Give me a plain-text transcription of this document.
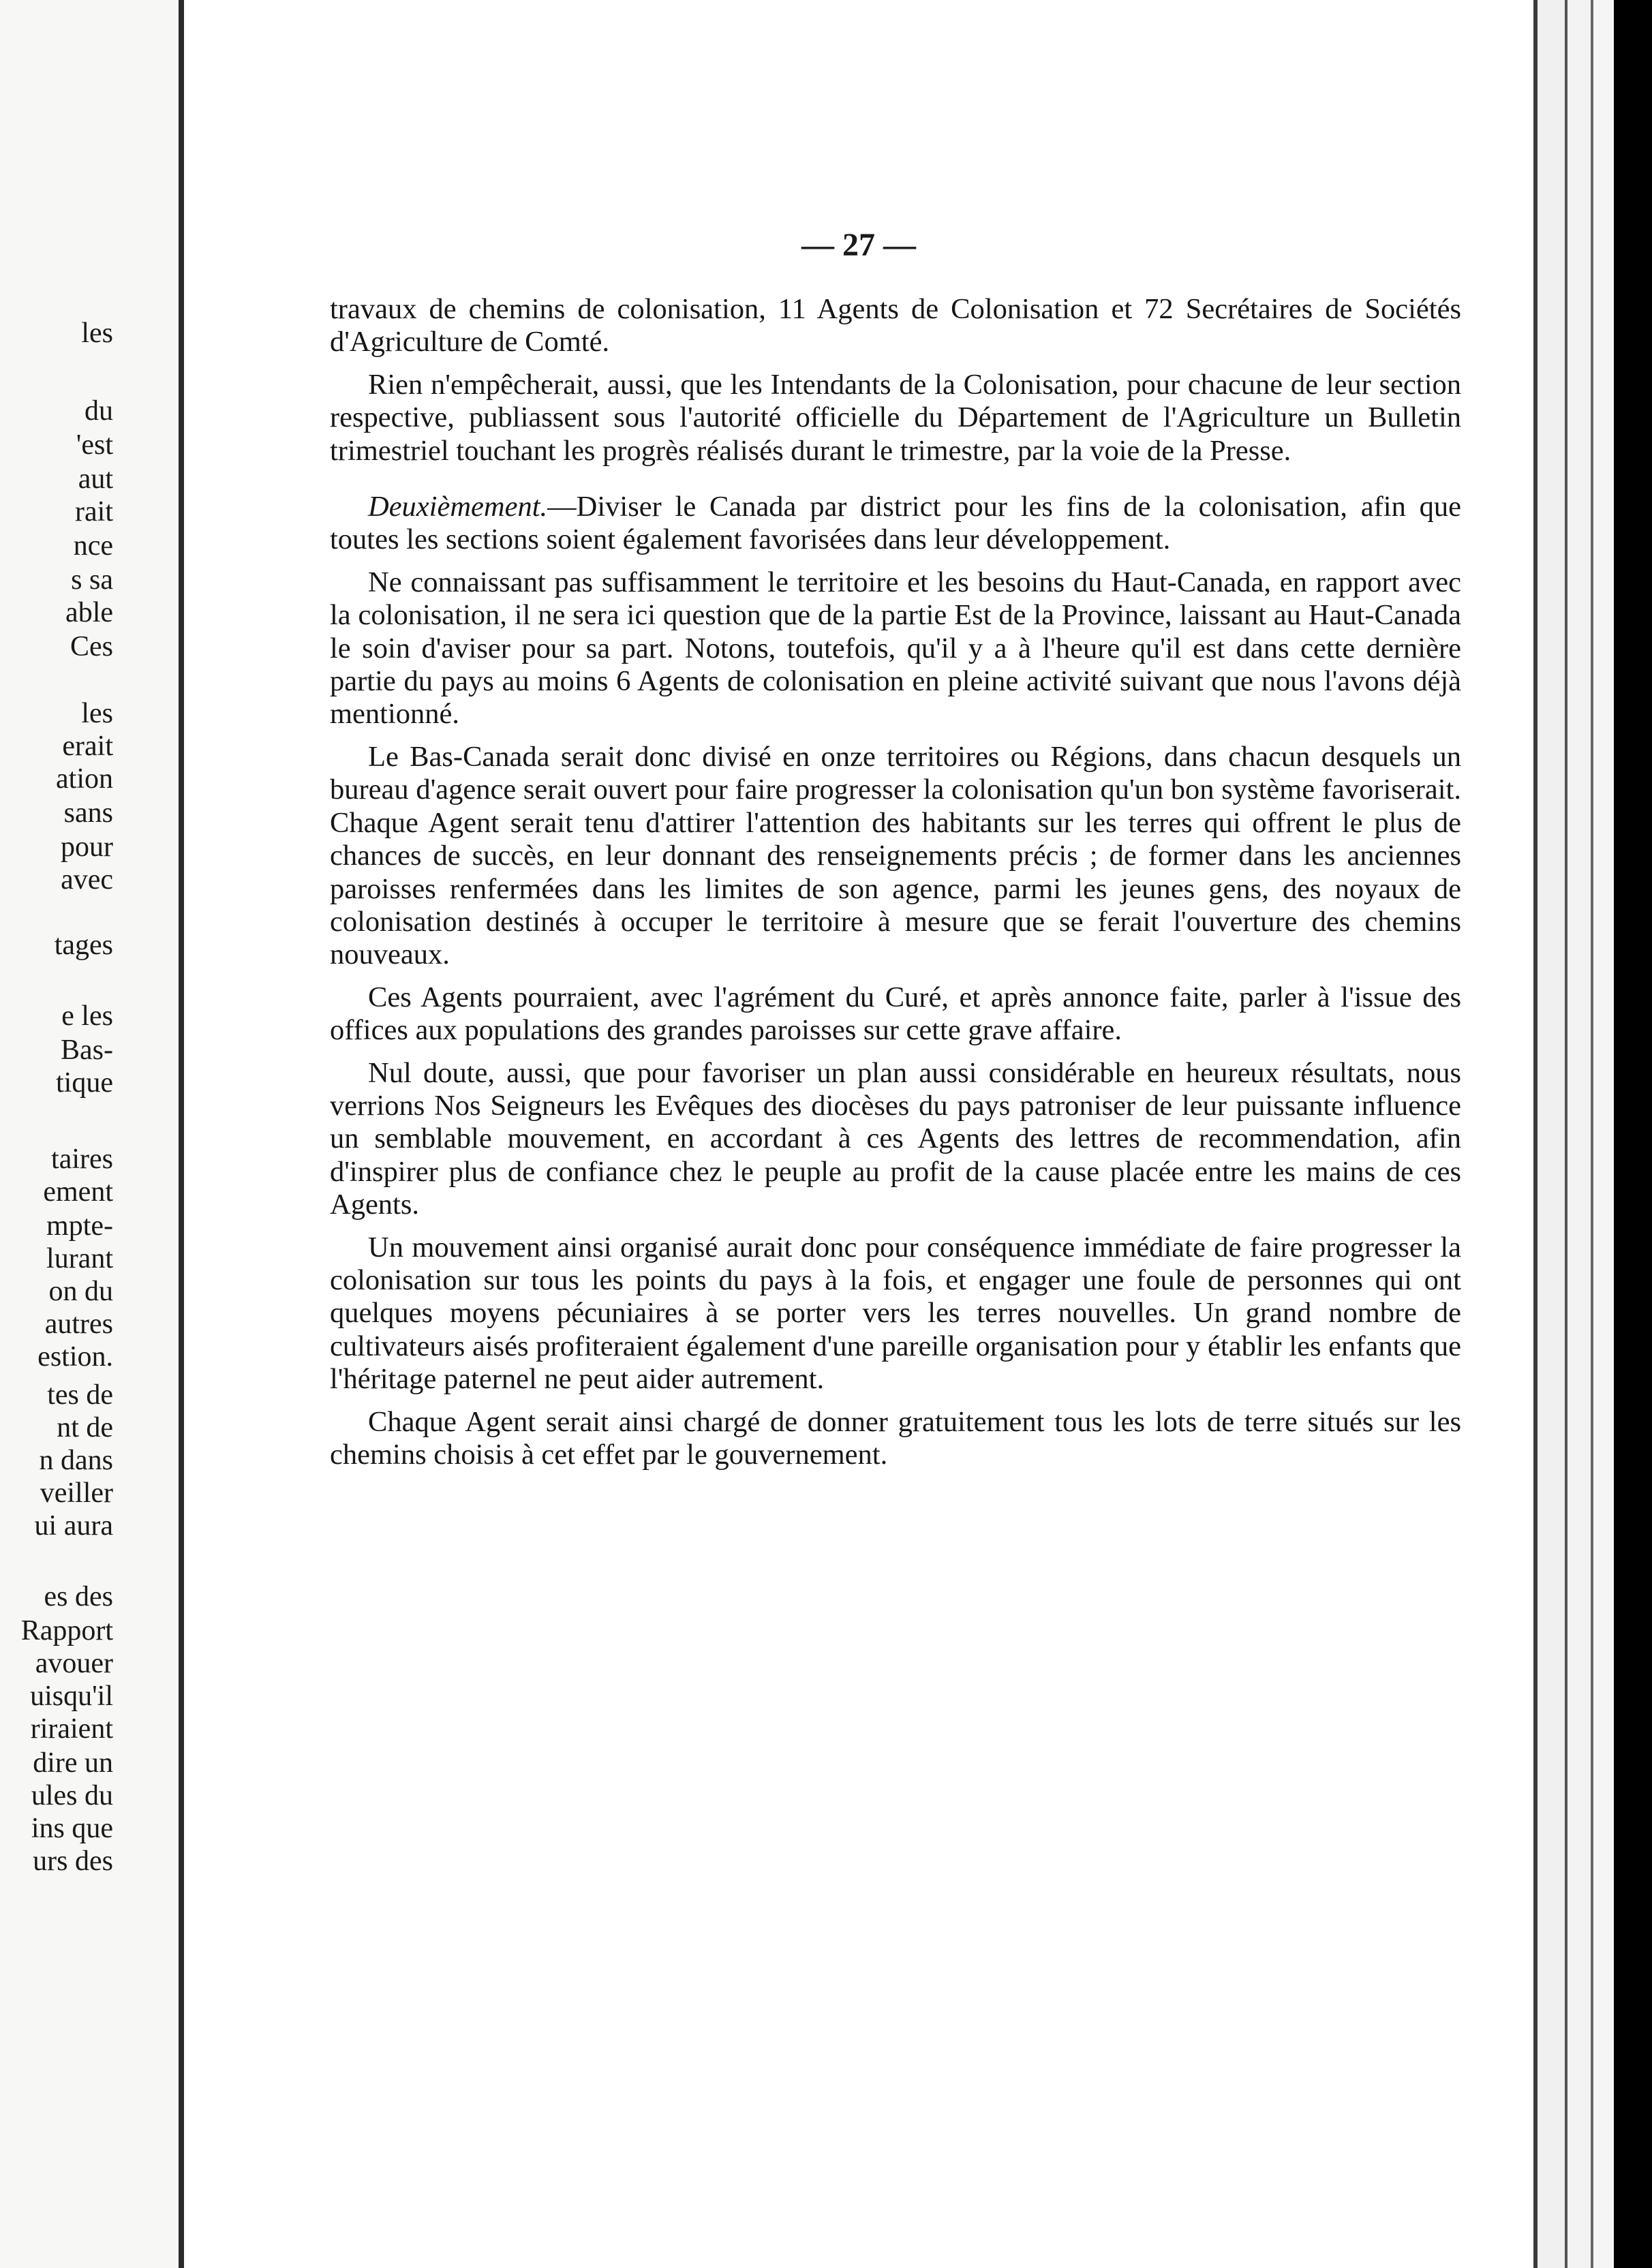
les
du
'est
aut
rait
nce
s sa
able
Ces
les
erait
ation
sans
pour
avec
tages
e les
Bas-
tique
taires
ement
mpte-
lurant
on du
autres
estion.
tes de
nt de
n dans
veiller
ui aura
es des
Rapport
avouer
uisqu'il
riraient
dire un
ules du
ins que
urs des
— 27 —

travaux de chemins de colonisation, 11 Agents de Colonisation et 72 Secrétaires de Sociétés d'Agriculture de Comté.

Rien n'empêcherait, aussi, que les Intendants de la Colonisation, pour chacune de leur section respective, publiassent sous l'autorité officielle du Département de l'Agriculture un Bulletin trimestriel touchant les progrès réalisés durant le trimestre, par la voie de la Presse.

Deuxièmement.—Diviser le Canada par district pour les fins de la colonisation, afin que toutes les sections soient également favorisées dans leur développement.

Ne connaissant pas suffisamment le territoire et les besoins du Haut-Canada, en rapport avec la colonisation, il ne sera ici question que de la partie Est de la Province, laissant au Haut-Canada le soin d'aviser pour sa part. Notons, toutefois, qu'il y a à l'heure qu'il est dans cette dernière partie du pays au moins 6 Agents de colonisation en pleine activité suivant que nous l'avons déjà mentionné.

Le Bas-Canada serait donc divisé en onze territoires ou Régions, dans chacun desquels un bureau d'agence serait ouvert pour faire progresser la colonisation qu'un bon système favoriserait. Chaque Agent serait tenu d'attirer l'attention des habitants sur les terres qui offrent le plus de chances de succès, en leur donnant des renseignements précis ; de former dans les anciennes paroisses renfermées dans les limites de son agence, parmi les jeunes gens, des noyaux de colonisation destinés à occuper le territoire à mesure que se ferait l'ouverture des chemins nouveaux.

Ces Agents pourraient, avec l'agrément du Curé, et après annonce faite, parler à l'issue des offices aux populations des grandes paroisses sur cette grave affaire.

Nul doute, aussi, que pour favoriser un plan aussi considérable en heureux résultats, nous verrions Nos Seigneurs les Evêques des diocèses du pays patroniser de leur puissante influence un semblable mouvement, en accordant à ces Agents des lettres de recommendation, afin d'inspirer plus de confiance chez le peuple au profit de la cause placée entre les mains de ces Agents.

Un mouvement ainsi organisé aurait donc pour conséquence immédiate de faire progresser la colonisation sur tous les points du pays à la fois, et engager une foule de personnes qui ont quelques moyens pécuniaires à se porter vers les terres nouvelles. Un grand nombre de cultivateurs aisés profiteraient également d'une pareille organisation pour y établir les enfants que l'héritage paternel ne peut aider autrement.

Chaque Agent serait ainsi chargé de donner gratuitement tous les lots de terre situés sur les chemins choisis à cet effet par le gouvernement.
